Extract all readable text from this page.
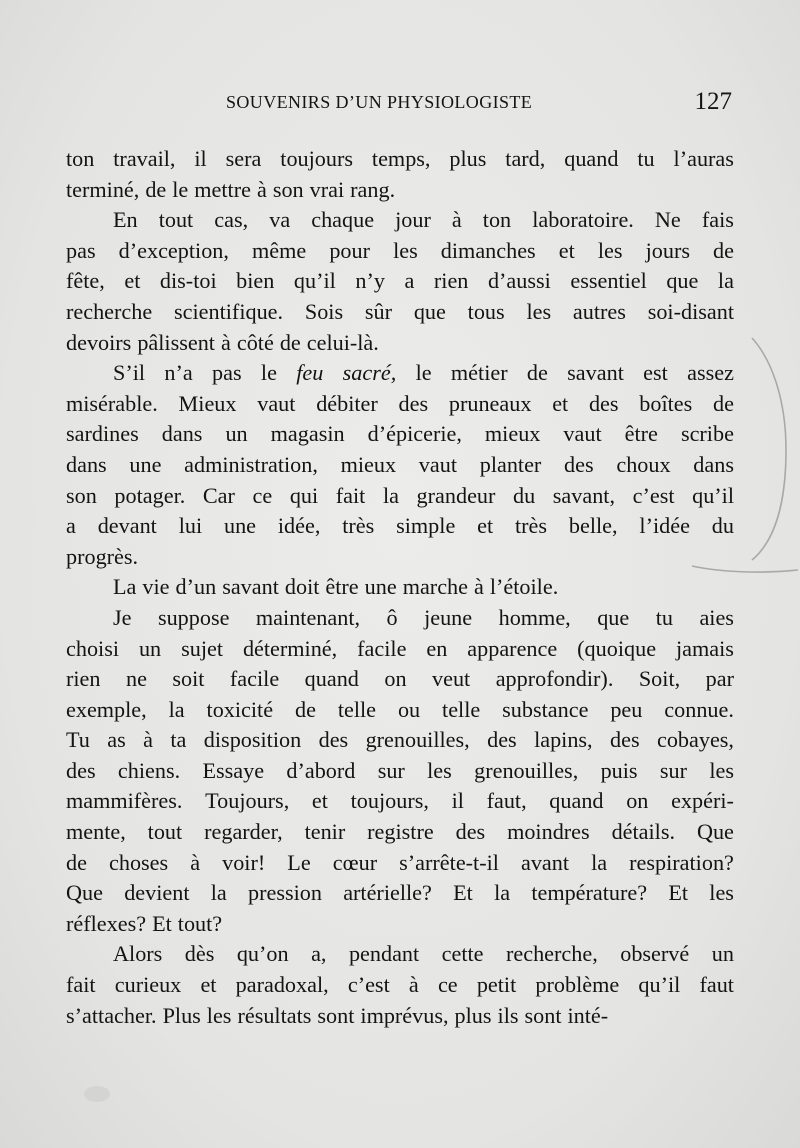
SOUVENIRS D’UN PHYSIOLOGISTE	127
ton travail, il sera toujours temps, plus tard, quand tu l’auras
terminé, de le mettre à son vrai rang.
En tout cas, va chaque jour à ton laboratoire. Ne fais
pas d’exception, même pour les dimanches et les jours de
fête, et dis-toi bien qu’il n’y a rien d’aussi essentiel que la
recherche scientifique. Sois sûr que tous les autres soi-disant
devoirs pâlissent à côté de celui-là.
S’il n’a pas le feu sacré, le métier de savant est assez
misérable. Mieux vaut débiter des pruneaux et des boîtes de
sardines dans un magasin d’épicerie, mieux vaut être scribe
dans une administration, mieux vaut planter des choux dans
son potager. Car ce qui fait la grandeur du savant, c’est qu’il
a devant lui une idée, très simple et très belle, l’idée du
progrès.
La vie d’un savant doit être une marche à l’étoile.
Je suppose maintenant, ô jeune homme, que tu aies
choisi un sujet déterminé, facile en apparence (quoique jamais
rien ne soit facile quand on veut approfondir). Soit, par
exemple, la toxicité de telle ou telle substance peu connue.
Tu as à ta disposition des grenouilles, des lapins, des cobayes,
des chiens. Essaye d’abord sur les grenouilles, puis sur les
mammifères. Toujours, et toujours, il faut, quand on expéri-
mente, tout regarder, tenir registre des moindres détails. Que
de choses à voir! Le cœur s’arrête-t-il avant la respiration?
Que devient la pression artérielle? Et la température? Et les
réflexes? Et tout?
Alors dès qu’on a, pendant cette recherche, observé un
fait curieux et paradoxal, c’est à ce petit problème qu’il faut
s’attacher. Plus les résultats sont imprévus, plus ils sont inté-
